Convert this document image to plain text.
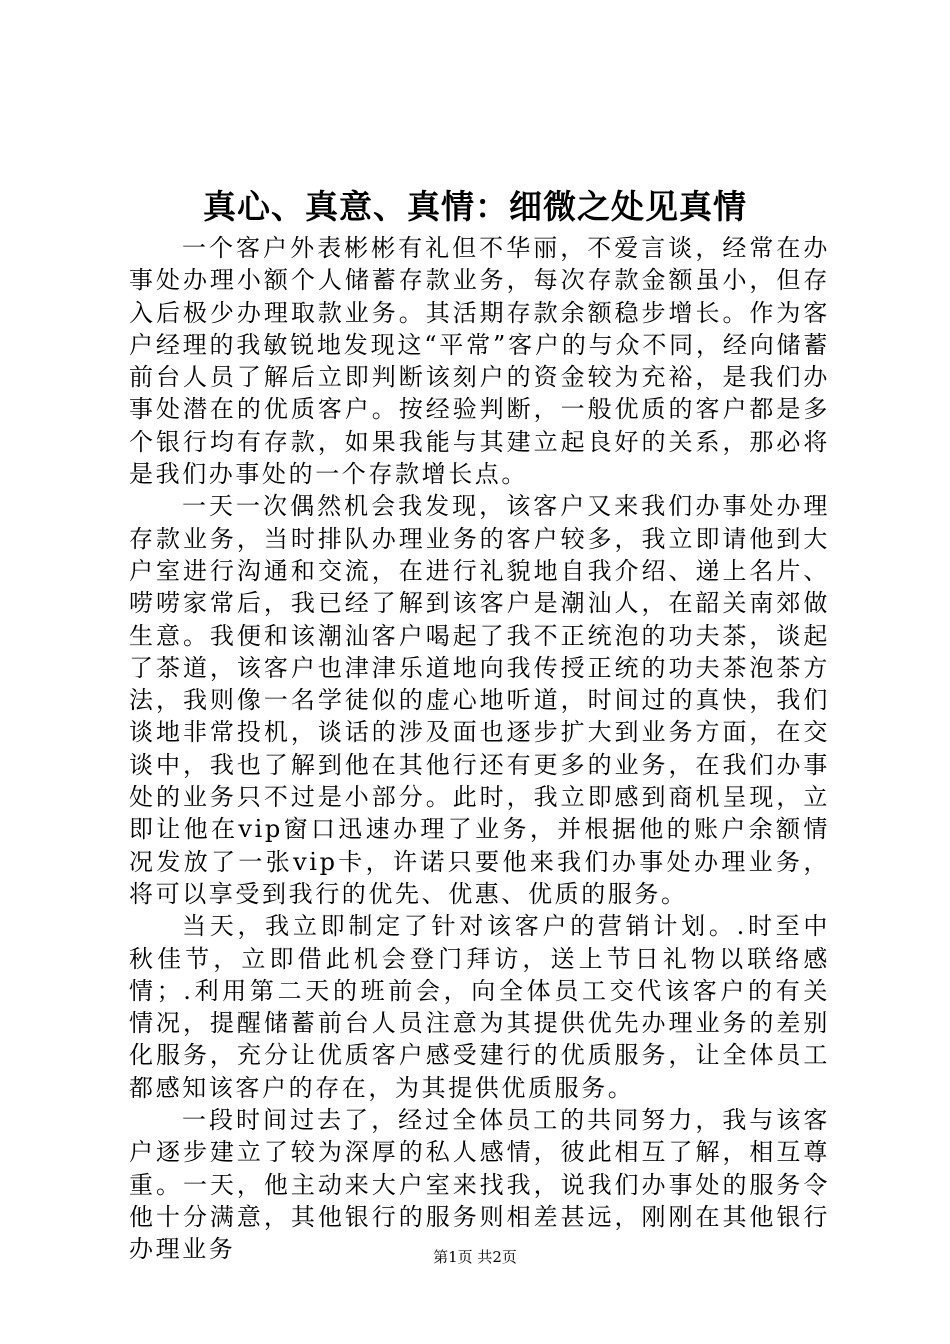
真心、真意、真情：细微之处见真情

一个客户外表彬彬有礼但不华丽，不爱言谈，经常在办事处办理小额个人储蓄存款业务，每次存款金额虽小，但存入后极少办理取款业务。其活期存款余额稳步增长。作为客户经理的我敏锐地发现这“平常”客户的与众不同，经向储蓄前台人员了解后立即判断该刻户的资金较为充裕，是我们办事处潜在的优质客户。按经验判断，一般优质的客户都是多个银行均有存款，如果我能与其建立起良好的关系，那必将是我们办事处的一个存款增长点。

一天一次偶然机会我发现，该客户又来我们办事处办理存款业务，当时排队办理业务的客户较多，我立即请他到大户室进行沟通和交流，在进行礼貌地自我介绍、递上名片、唠唠家常后，我已经了解到该客户是潮汕人，在韶关南郊做生意。我便和该潮汕客户喝起了我不正统泡的功夫茶，谈起了茶道，该客户也津津乐道地向我传授正统的功夫茶泡茶方法，我则像一名学徒似的虚心地听道，时间过的真快，我们谈地非常投机，谈话的涉及面也逐步扩大到业务方面，在交谈中，我也了解到他在其他行还有更多的业务，在我们办事处的业务只不过是小部分。此时，我立即感到商机呈现，立即让他在vip窗口迅速办理了业务，并根据他的账户余额情况发放了一张vip卡，许诺只要他来我们办事处办理业务，将可以享受到我行的优先、优惠、优质的服务。

当天，我立即制定了针对该客户的营销计划。.时至中秋佳节，立即借此机会登门拜访，送上节日礼物以联络感情；.利用第二天的班前会，向全体员工交代该客户的有关情况，提醒储蓄前台人员注意为其提供优先办理业务的差别化服务，充分让优质客户感受建行的优质服务，让全体员工都感知该客户的存在，为其提供优质服务。

一段时间过去了，经过全体员工的共同努力，我与该客户逐步建立了较为深厚的私人感情，彼此相互了解，相互尊重。一天，他主动来大户室来找我，说我们办事处的服务令他十分满意，其他银行的服务则相差甚远，刚刚在其他银行办理业务	第1页 共2页
